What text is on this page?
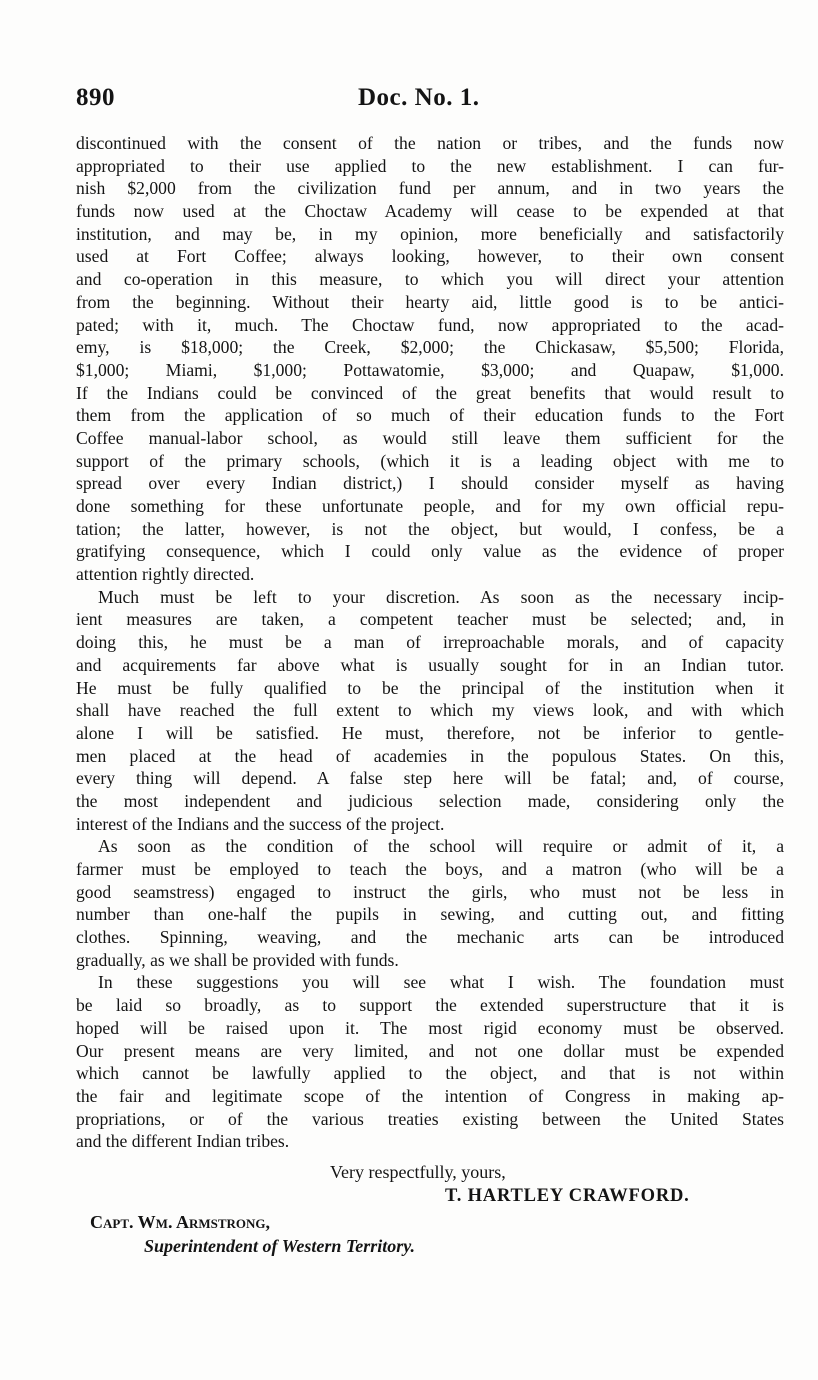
890	Doc. No. 1.
discontinued with the consent of the nation or tribes, and the funds now
appropriated to their use applied to the new establishment. I can fur-
nish $2,000 from the civilization fund per annum, and in two years the
funds now used at the Choctaw Academy will cease to be expended at that
institution, and may be, in my opinion, more beneficially and satisfactorily
used at Fort Coffee; always looking, however, to their own consent
and co-operation in this measure, to which you will direct your attention
from the beginning. Without their hearty aid, little good is to be antici-
pated; with it, much. The Choctaw fund, now appropriated to the acad-
emy, is $18,000; the Creek, $2,000; the Chickasaw, $5,500; Florida,
$1,000; Miami, $1,000; Pottawatomie, $3,000; and Quapaw, $1,000.
If the Indians could be convinced of the great benefits that would result to
them from the application of so much of their education funds to the Fort
Coffee manual-labor school, as would still leave them sufficient for the
support of the primary schools, (which it is a leading object with me to
spread over every Indian district,) I should consider myself as having
done something for these unfortunate people, and for my own official repu-
tation; the latter, however, is not the object, but would, I confess, be a
gratifying consequence, which I could only value as the evidence of proper
attention rightly directed.
Much must be left to your discretion. As soon as the necessary incip-
ient measures are taken, a competent teacher must be selected; and, in
doing this, he must be a man of irreproachable morals, and of capacity
and acquirements far above what is usually sought for in an Indian tutor.
He must be fully qualified to be the principal of the institution when it
shall have reached the full extent to which my views look, and with which
alone I will be satisfied. He must, therefore, not be inferior to gentle-
men placed at the head of academies in the populous States. On this,
every thing will depend. A false step here will be fatal; and, of course,
the most independent and judicious selection made, considering only the
interest of the Indians and the success of the project.
As soon as the condition of the school will require or admit of it, a
farmer must be employed to teach the boys, and a matron (who will be a
good seamstress) engaged to instruct the girls, who must not be less in
number than one-half the pupils in sewing, and cutting out, and fitting
clothes. Spinning, weaving, and the mechanic arts can be introduced
gradually, as we shall be provided with funds.
In these suggestions you will see what I wish. The foundation must
be laid so broadly, as to support the extended superstructure that it is
hoped will be raised upon it. The most rigid economy must be observed.
Our present means are very limited, and not one dollar must be expended
which cannot be lawfully applied to the object, and that is not within
the fair and legitimate scope of the intention of Congress in making ap-
propriations, or of the various treaties existing between the United States
and the different Indian tribes.
Very respectfully, yours,
T. HARTLEY CRAWFORD.
Capt. Wm. Armstrong,
Superintendent of Western Territory.
